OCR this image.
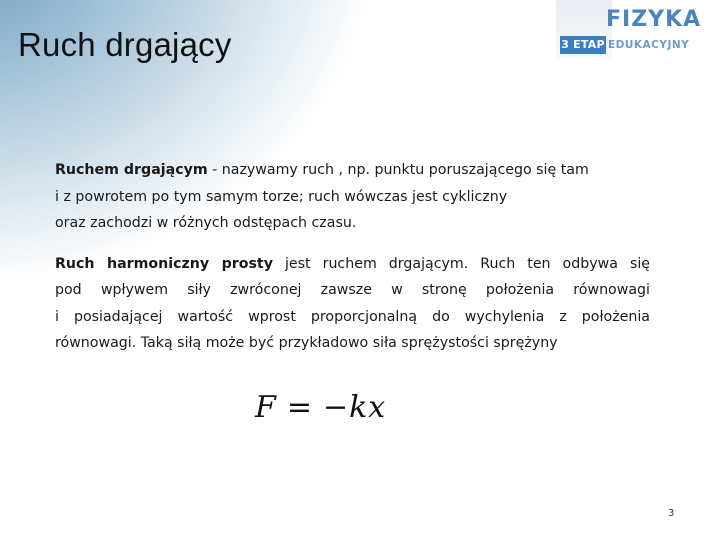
Ruch drgający	3 ETAP
FIZYKA
EDUKACYJNY

Ruchem drgającym - nazywamy ruch , np. punktu poruszającego się tam
i z powrotem po tym samym torze; ruch wówczas jest cykliczny
oraz zachodzi w różnych odstępach czasu.

Ruch harmoniczny prosty jest ruchem drgającym. Ruch ten odbywa się
pod wpływem siły zwróconej zawsze w stronę położenia równowagi
i posiadającej wartość wprost proporcjonalną do wychylenia z położenia
równowagi. Taką siłą może być przykładowo siła sprężystości sprężyny

F = −kx
3
